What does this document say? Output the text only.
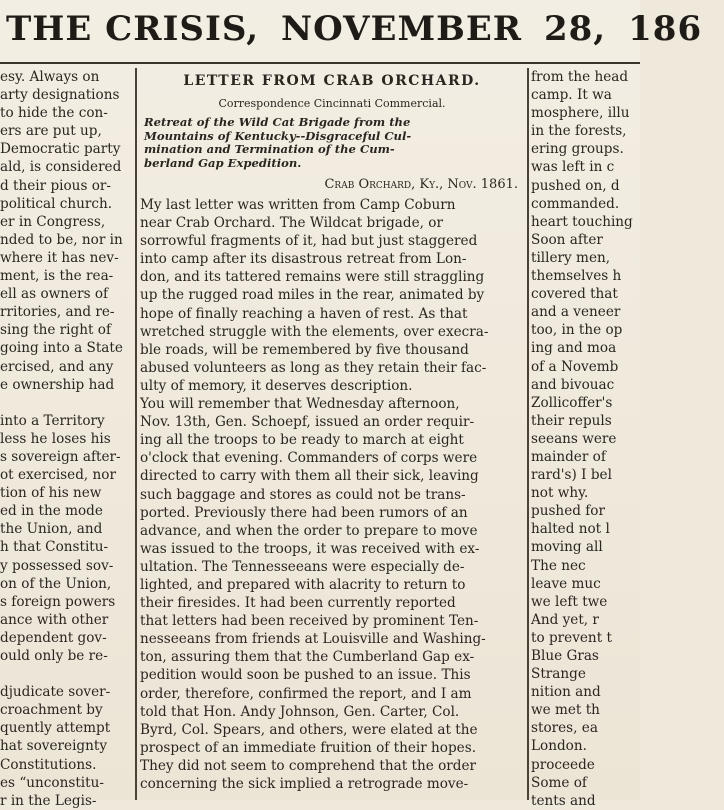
THE CRISIS, NOVEMBER 28, 186
esy. Always on
arty designations
to hide the con-
ers are put up,
Democratic party
ald, is considered
d their pious or-
political church.
er in Congress,
nded to be, nor in
where it has nev-
ment, is the rea-
ell as owners of
rritories, and re-
sing the right of
going into a State
ercised, and any
e ownership had

into a Territory
less he loses his
s sovereign after-
ot exercised, nor
tion of his new
ed in the mode
the Union, and
h that Constitu-
y possessed sov-
on of the Union,
s foreign powers
ance with other
dependent gov-
ould only be re-

djudicate sover-
croachment by
quently attempt
hat sovereignty
Constitutions.
es “unconstitu-
r in the Legis-
LETTER FROM CRAB ORCHARD.
Correspondence Cincinnati Commercial.
Retreat of the Wild Cat Brigade from the
Mountains of Kentucky--Disgraceful Cul-
mination and Termination of the Cum-
berland Gap Expedition.
Crab Orchard, Ky., Nov. 1861.
My last letter was written from Camp Coburn
near Crab Orchard. The Wildcat brigade, or
sorrowful fragments of it, had but just staggered
into camp after its disastrous retreat from Lon-
don, and its tattered remains were still straggling
up the rugged road miles in the rear, animated by
hope of finally reaching a haven of rest. As that
wretched struggle with the elements, over execra-
ble roads, will be remembered by five thousand
abused volunteers as long as they retain their fac-
ulty of memory, it deserves description.
You will remember that Wednesday afternoon,
Nov. 13th, Gen. Schoepf, issued an order requir-
ing all the troops to be ready to march at eight
o'clock that evening. Commanders of corps were
directed to carry with them all their sick, leaving
such baggage and stores as could not be trans-
ported. Previously there had been rumors of an
advance, and when the order to prepare to move
was issued to the troops, it was received with ex-
ultation. The Tennesseeans were especially de-
lighted, and prepared with alacrity to return to
their firesides. It had been currently reported
that letters had been received by prominent Ten-
nesseeans from friends at Louisville and Washing-
ton, assuring them that the Cumberland Gap ex-
pedition would soon be pushed to an issue. This
order, therefore, confirmed the report, and I am
told that Hon. Andy Johnson, Gen. Carter, Col.
Byrd, Col. Spears, and others, were elated at the
prospect of an immediate fruition of their hopes.
They did not seem to comprehend that the order
concerning the sick implied a retrograde move-
from the head
camp. It wa
mosphere, illu
in the forests,
ering groups.
was left in c
pushed on, d
commanded.
heart touching
Soon after
tillery men,
themselves h
covered that
and a veneer
too, in the op
ing and moa
of a Novemb
and bivouac
Zollicoffer's
their repuls
seeans were
mainder of
rard's) I bel
not why.
pushed for
halted not l
moving all
The nec
leave muc
we left twe
And yet, r
to prevent t
Blue Gras
Strange
nition and
we met th
stores, ea
London.
proceede
Some of
tents and
